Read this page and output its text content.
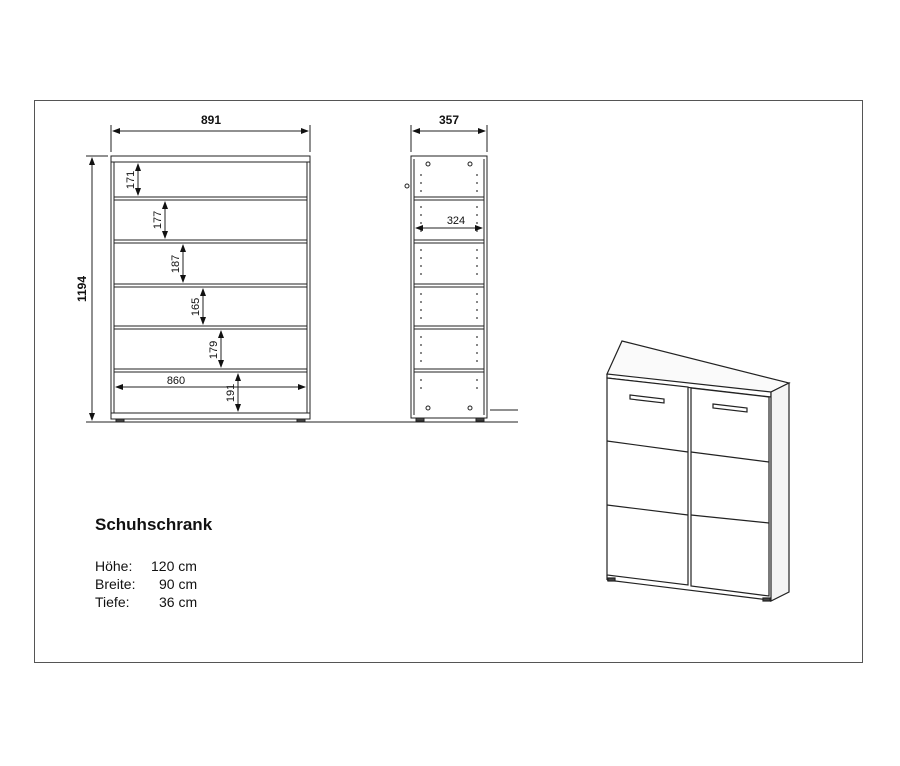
891
1194
171
177
187
165
179
191
860
357
324
Schuhschrank
Höhe:	120 cm
Breite:	90 cm
Tiefe:	36 cm
